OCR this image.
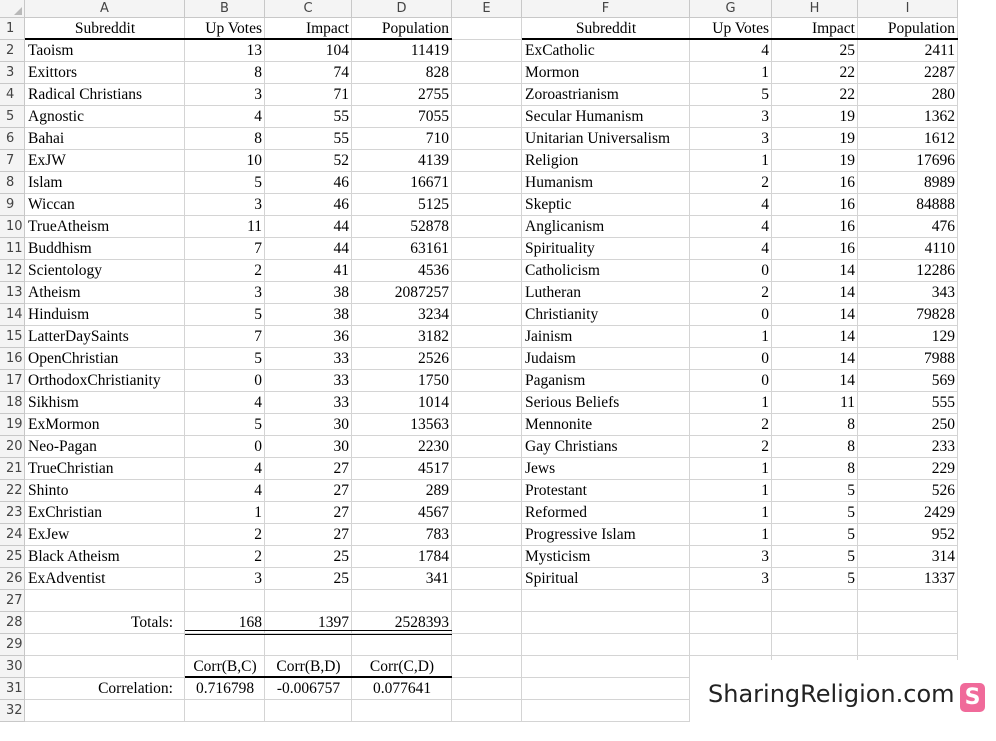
A	B	C	D	E	F	G	H	I
1
2
3
4
5
6
7
8
9
10
11
12
13
14
15
16
17
18
19
20
21
22
23
24
25
26
27
28
29
30
31
32
Subreddit	Up Votes	Impact	Population	Subreddit	Up Votes	Impact	Population
Taoism	13	104	11419
Exittors	8	74	828
Radical Christians	3	71	2755
Agnostic	4	55	7055
Bahai	8	55	710
ExJW	10	52	4139
Islam	5	46	16671
Wiccan	3	46	5125
TrueAtheism	11	44	52878
Buddhism	7	44	63161
Scientology	2	41	4536
Atheism	3	38	2087257
Hinduism	5	38	3234
LatterDaySaints	7	36	3182
OpenChristian	5	33	2526
OrthodoxChristianity	0	33	1750
Sikhism	4	33	1014
ExMormon	5	30	13563
Neo-Pagan	0	30	2230
TrueChristian	4	27	4517
Shinto	4	27	289
ExChristian	1	27	4567
ExJew	2	27	783
Black Atheism	2	25	1784
ExAdventist	3	25	341
ExCatholic	4	25	2411
Mormon	1	22	2287
Zoroastrianism	5	22	280
Secular Humanism	3	19	1362
Unitarian Universalism	3	19	1612
Religion	1	19	17696
Humanism	2	16	8989
Skeptic	4	16	84888
Anglicanism	4	16	476
Spirituality	4	16	4110
Catholicism	0	14	12286
Lutheran	2	14	343
Christianity	0	14	79828
Jainism	1	14	129
Judaism	0	14	7988
Paganism	0	14	569
Serious Beliefs	1	11	555
Mennonite	2	8	250
Gay Christians	2	8	233
Jews	1	8	229
Protestant	1	5	526
Reformed	1	5	2429
Progressive Islam	1	5	952
Mysticism	3	5	314
Spiritual	3	5	1337
Totals:	168	1397	2528393
Corr(B,C)	Corr(B,D)	Corr(C,D)
Correlation:	0.716798	-0.006757	0.077641	SharingReligion.com S
